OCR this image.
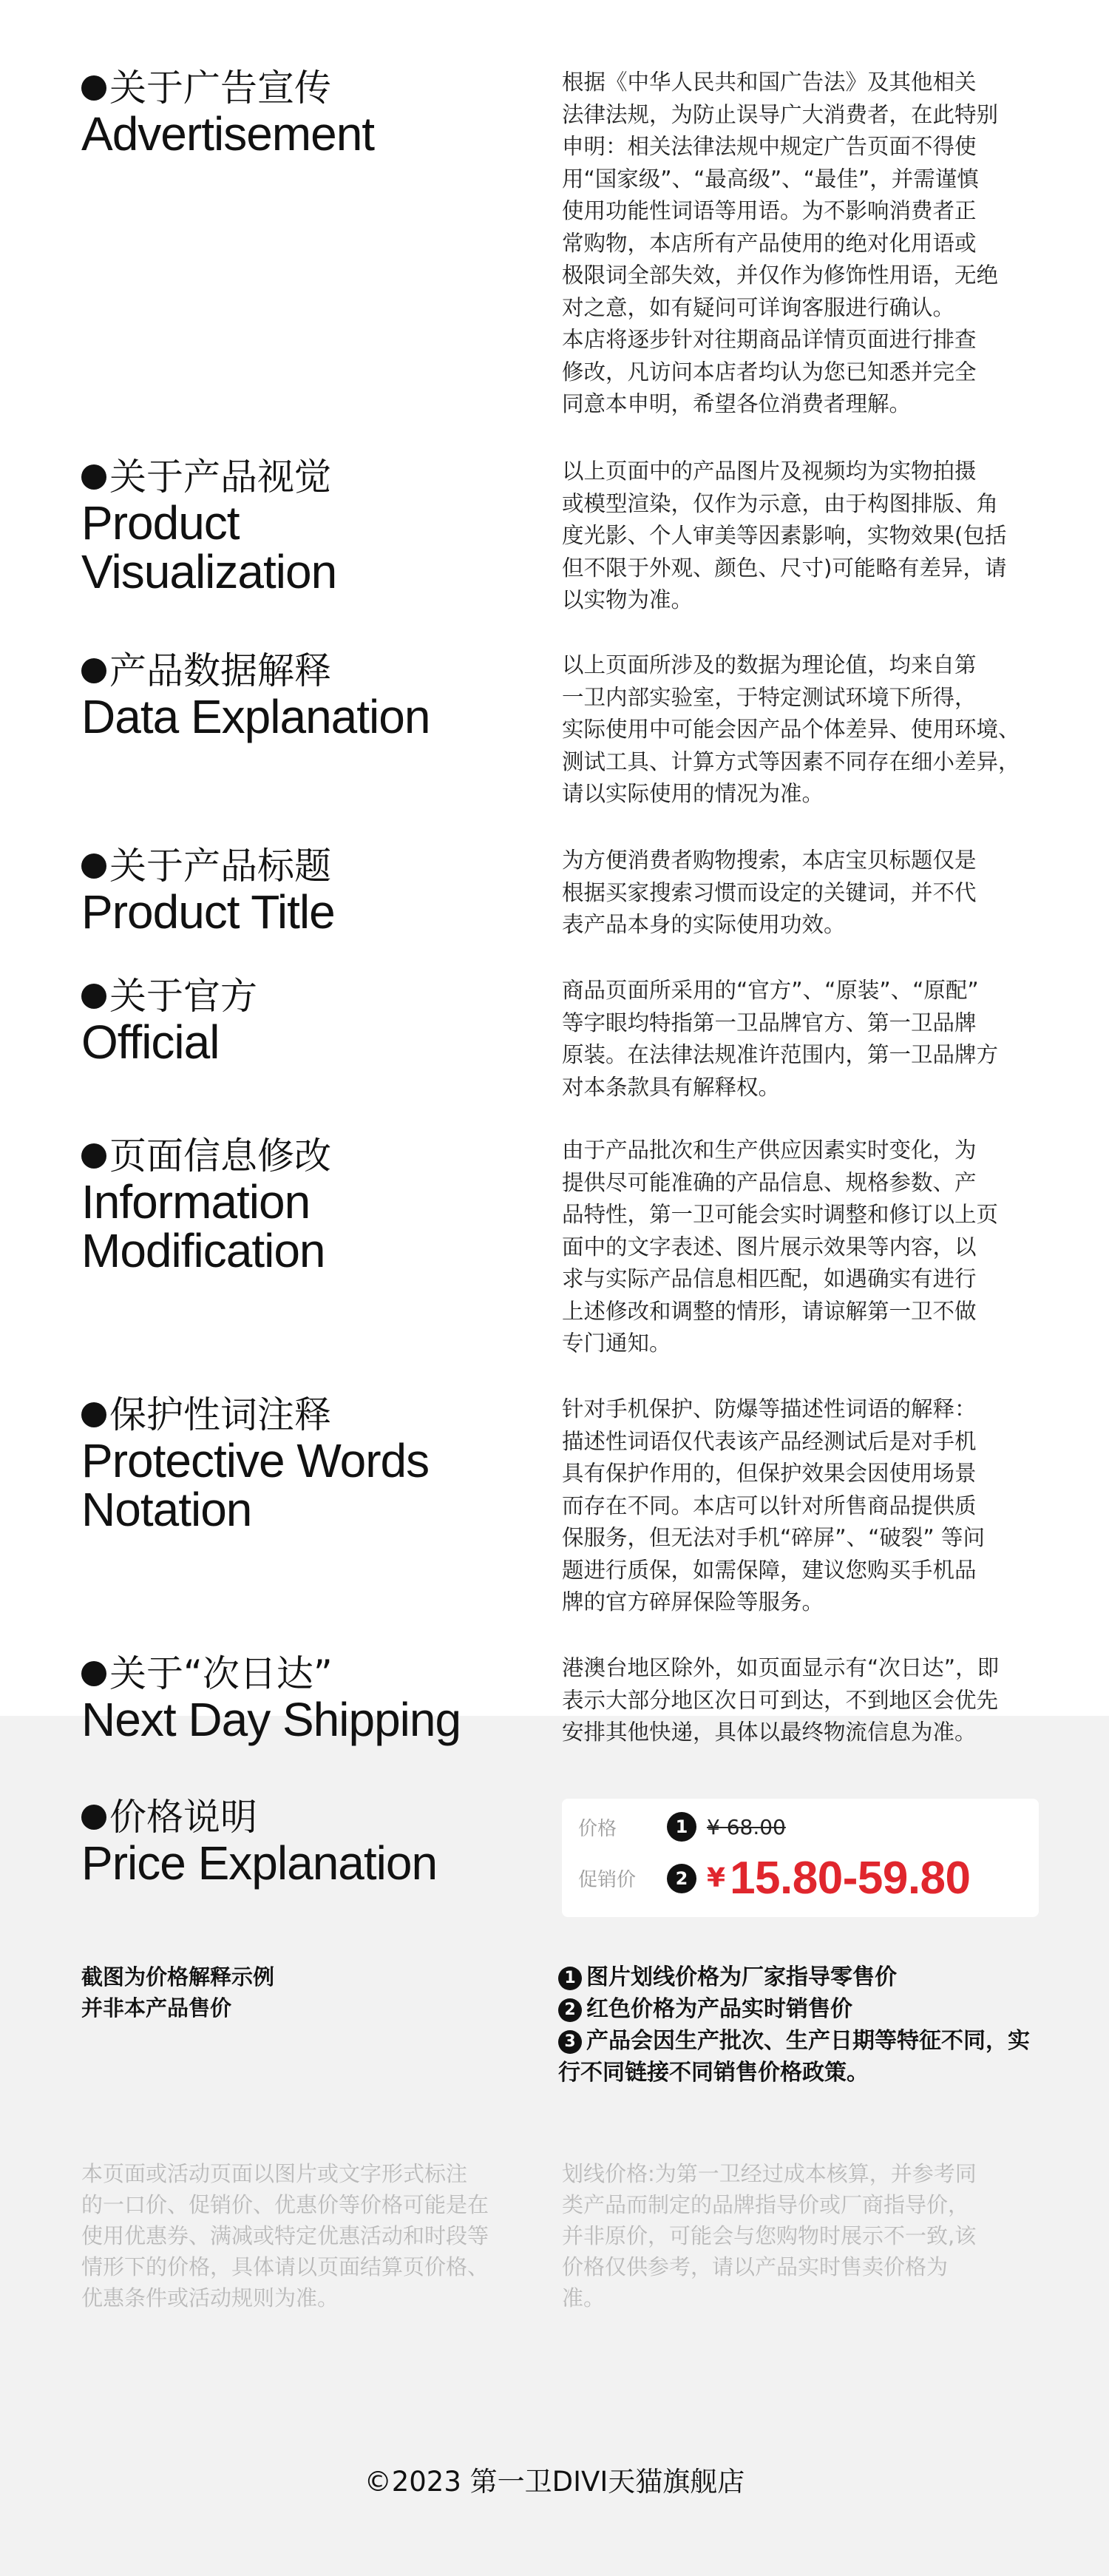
关于广告宣传
Advertisement

根据《中华人民共和国广告法》及其他相关
法律法规，为防止误导广大消费者，在此特别
申明：相关法律法规中规定广告页面不得使
用“国家级”、“最高级”、“最佳”，并需谨慎
使用功能性词语等用语。为不影响消费者正
常购物，本店所有产品使用的绝对化用语或
极限词全部失效，并仅作为修饰性用语，无绝
对之意，如有疑问可详询客服进行确认。
本店将逐步针对往期商品详情页面进行排查
修改，凡访问本店者均认为您已知悉并完全
同意本申明，希望各位消费者理解。

关于产品视觉
Product
Visualization

以上页面中的产品图片及视频均为实物拍摄
或模型渲染，仅作为示意，由于构图排版、角
度光影、个人审美等因素影响，实物效果(包括
但不限于外观、颜色、尺寸)可能略有差异，请
以实物为准。

产品数据解释
Data Explanation

以上页面所涉及的数据为理论值，均来自第
一卫内部实验室，于特定测试环境下所得，
实际使用中可能会因产品个体差异、使用环境、
测试工具、计算方式等因素不同存在细小差异，
请以实际使用的情况为准。

关于产品标题
Product Title

为方便消费者购物搜索，本店宝贝标题仅是
根据买家搜索习惯而设定的关键词，并不代
表产品本身的实际使用功效。

关于官方
Official

商品页面所采用的“官方”、“原装”、“原配”
等字眼均特指第一卫品牌官方、第一卫品牌
原装。在法律法规准许范围内，第一卫品牌方
对本条款具有解释权。

页面信息修改
Information
Modification

由于产品批次和生产供应因素实时变化，为
提供尽可能准确的产品信息、规格参数、产
品特性，第一卫可能会实时调整和修订以上页
面中的文字表述、图片展示效果等内容，以
求与实际产品信息相匹配，如遇确实有进行
上述修改和调整的情形，请谅解第一卫不做
专门通知。

保护性词注释
Protective Words
Notation

针对手机保护、防爆等描述性词语的解释：
描述性词语仅代表该产品经测试后是对手机
具有保护作用的，但保护效果会因使用场景
而存在不同。本店可以针对所售商品提供质
保服务，但无法对手机“碎屏”、“破裂” 等问
题进行质保，如需保障，建议您购买手机品
牌的官方碎屏保险等服务。

关于“次日达”
Next Day Shipping

港澳台地区除外，如页面显示有“次日达”，即
表示大部分地区次日可到达，不到地区会优先
安排其他快递，具体以最终物流信息为准。

价格说明
Price Explanation
价格	1 ¥ 68.00
促销价	2 ¥ 15.80-59.80
截图为价格解释示例
并非本产品售价
1 图片划线价格为厂家指导零售价
2 红色价格为产品实时销售价
3 产品会因生产批次、生产日期等特征不同，实行不同链接不同销售价格政策。
本页面或活动页面以图片或文字形式标注
的一口价、促销价、优惠价等价格可能是在
使用优惠券、满减或特定优惠活动和时段等
情形下的价格，具体请以页面结算页价格、
优惠条件或活动规则为准。
划线价格:为第一卫经过成本核算，并参考同
类产品而制定的品牌指导价或厂商指导价，
并非原价，可能会与您购物时展示不一致,该
价格仅供参考，请以产品实时售卖价格为
准。
©2023 第一卫DIVI天猫旗舰店
